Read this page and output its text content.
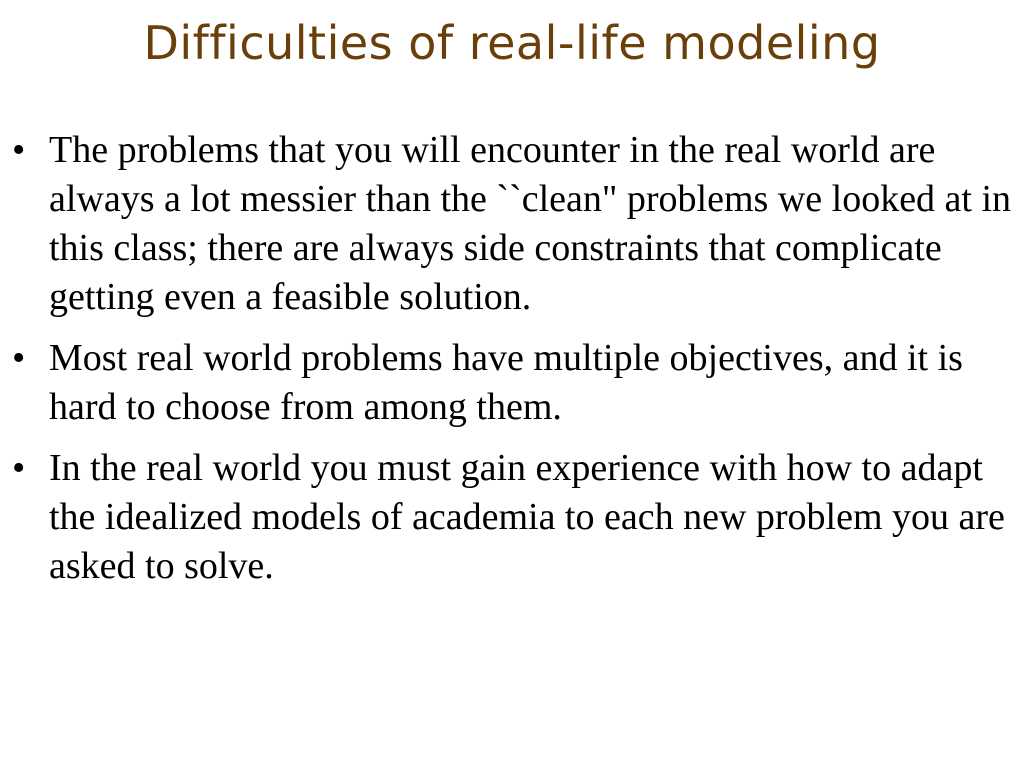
Difficulties of real-life modeling
• The problems that you will encounter in the real world are always a lot messier than the ``clean" problems we looked at in this class; there are always side constraints that complicate getting even a feasible solution.
• Most real world problems have multiple objectives, and it is hard to choose from among them.
• In the real world you must gain experience with how to adapt the idealized models of academia to each new problem you are asked to solve.
